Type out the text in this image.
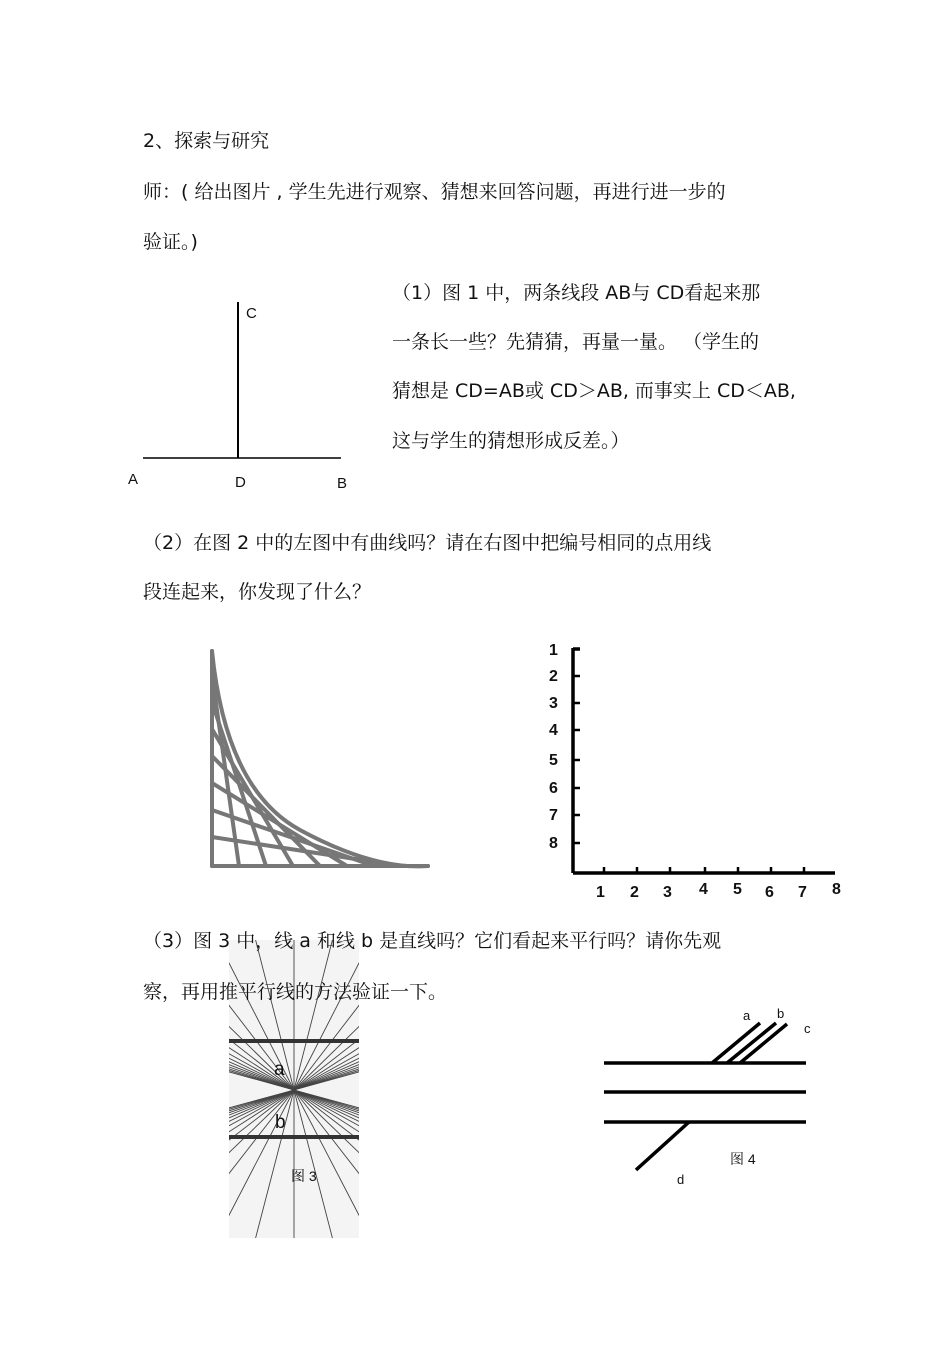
2、探索与研究
师：( 给出图片 , 学生先进行观察、猜想来回答问题，再进行进一步的
验证。)
C
A	D	B
（1）图 1 中，两条线段 AB与 CD看起来那
一条长一些？先猜猜，再量一量。 （学生的
猜想是 CD=AB或 CD＞AB, 而事实上 CD＜AB,
这与学生的猜想形成反差。）
（2）在图 2 中的左图中有曲线吗？请在右图中把编号相同的点用线
段连起来，你发现了什么？
1
2
3
4
5
6
7
8
1 2 3 4 5 6 7 8
a
b
图 3
（3）图 3 中，线 a 和线 b 是直线吗？它们看起来平行吗？请你先观
察，再用推平行线的方法验证一下。
a b
c
d
图 4
